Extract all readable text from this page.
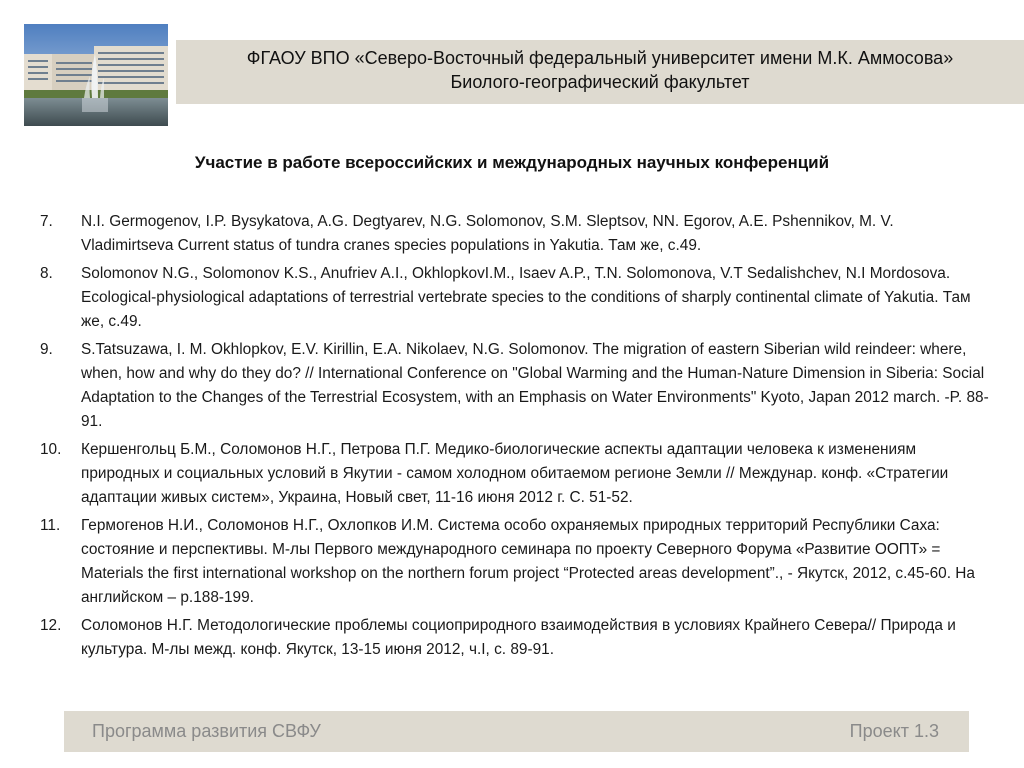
ФГАОУ ВПО «Северо-Восточный федеральный университет имени М.К. Аммосова»
Биолого-географический факультет
Участие в работе всероссийских и международных научных конференций
7. N.I. Germogenov, I.P. Bysykatova, A.G. Degtyarev, N.G. Solomonov, S.M. Sleptsov, NN. Egorov, A.E. Pshennikov, M. V. Vladimirtseva Current status of tundra cranes species populations in Yakutia. Там же, с.49.
8. Solomonov N.G., Solomonov K.S., Anufriev A.I., OkhlopkovI.M., Isaev A.P., T.N. Solomonova, V.T Sedalishchev, N.I Mordosova. Ecological-physiological adaptations of terrestrial vertebrate species to the conditions of sharply continental climate of Yakutia. Там же, с.49.
9. S.Tatsuzawa, I. M. Okhlopkov, E.V. Kirillin, E.A. Nikolaev, N.G. Solomonov. The migration of eastern Siberian wild reindeer: where, when, how and why do they do? // International Conference on "Global Warming and the Human-Nature Dimension in Siberia: Social Adaptation to the Changes of the Terrestrial Ecosystem, with an Emphasis on Water Environments" Kyoto, Japan 2012 march. -P. 88-91.
10. Кершенгольц Б.М., Соломонов Н.Г., Петрова П.Г. Медико-биологические аспекты адаптации человека к изменениям природных и социальных условий в Якутии - самом холодном обитаемом регионе Земли // Междунар. конф. «Стратегии адаптации живых систем», Украина, Новый свет, 11-16 июня 2012 г. С. 51-52.
11. Гермогенов Н.И., Соломонов Н.Г., Охлопков И.М. Система особо охраняемых природных территорий Республики Саха: состояние и перспективы. М-лы Первого международного семинара по проекту Северного Форума «Развитие ООПТ» = Materials the first international workshop on the northern forum project “Protected areas development”., - Якутск, 2012, с.45-60. На английском – р.188-199.
12. Соломонов Н.Г. Методологические проблемы социоприродного взаимодействия в условиях Крайнего Севера// Природа и культура. М-лы межд. конф. Якутск, 13-15 июня 2012, ч.I, с. 89-91.
Программа развития СВФУ	Проект 1.3
